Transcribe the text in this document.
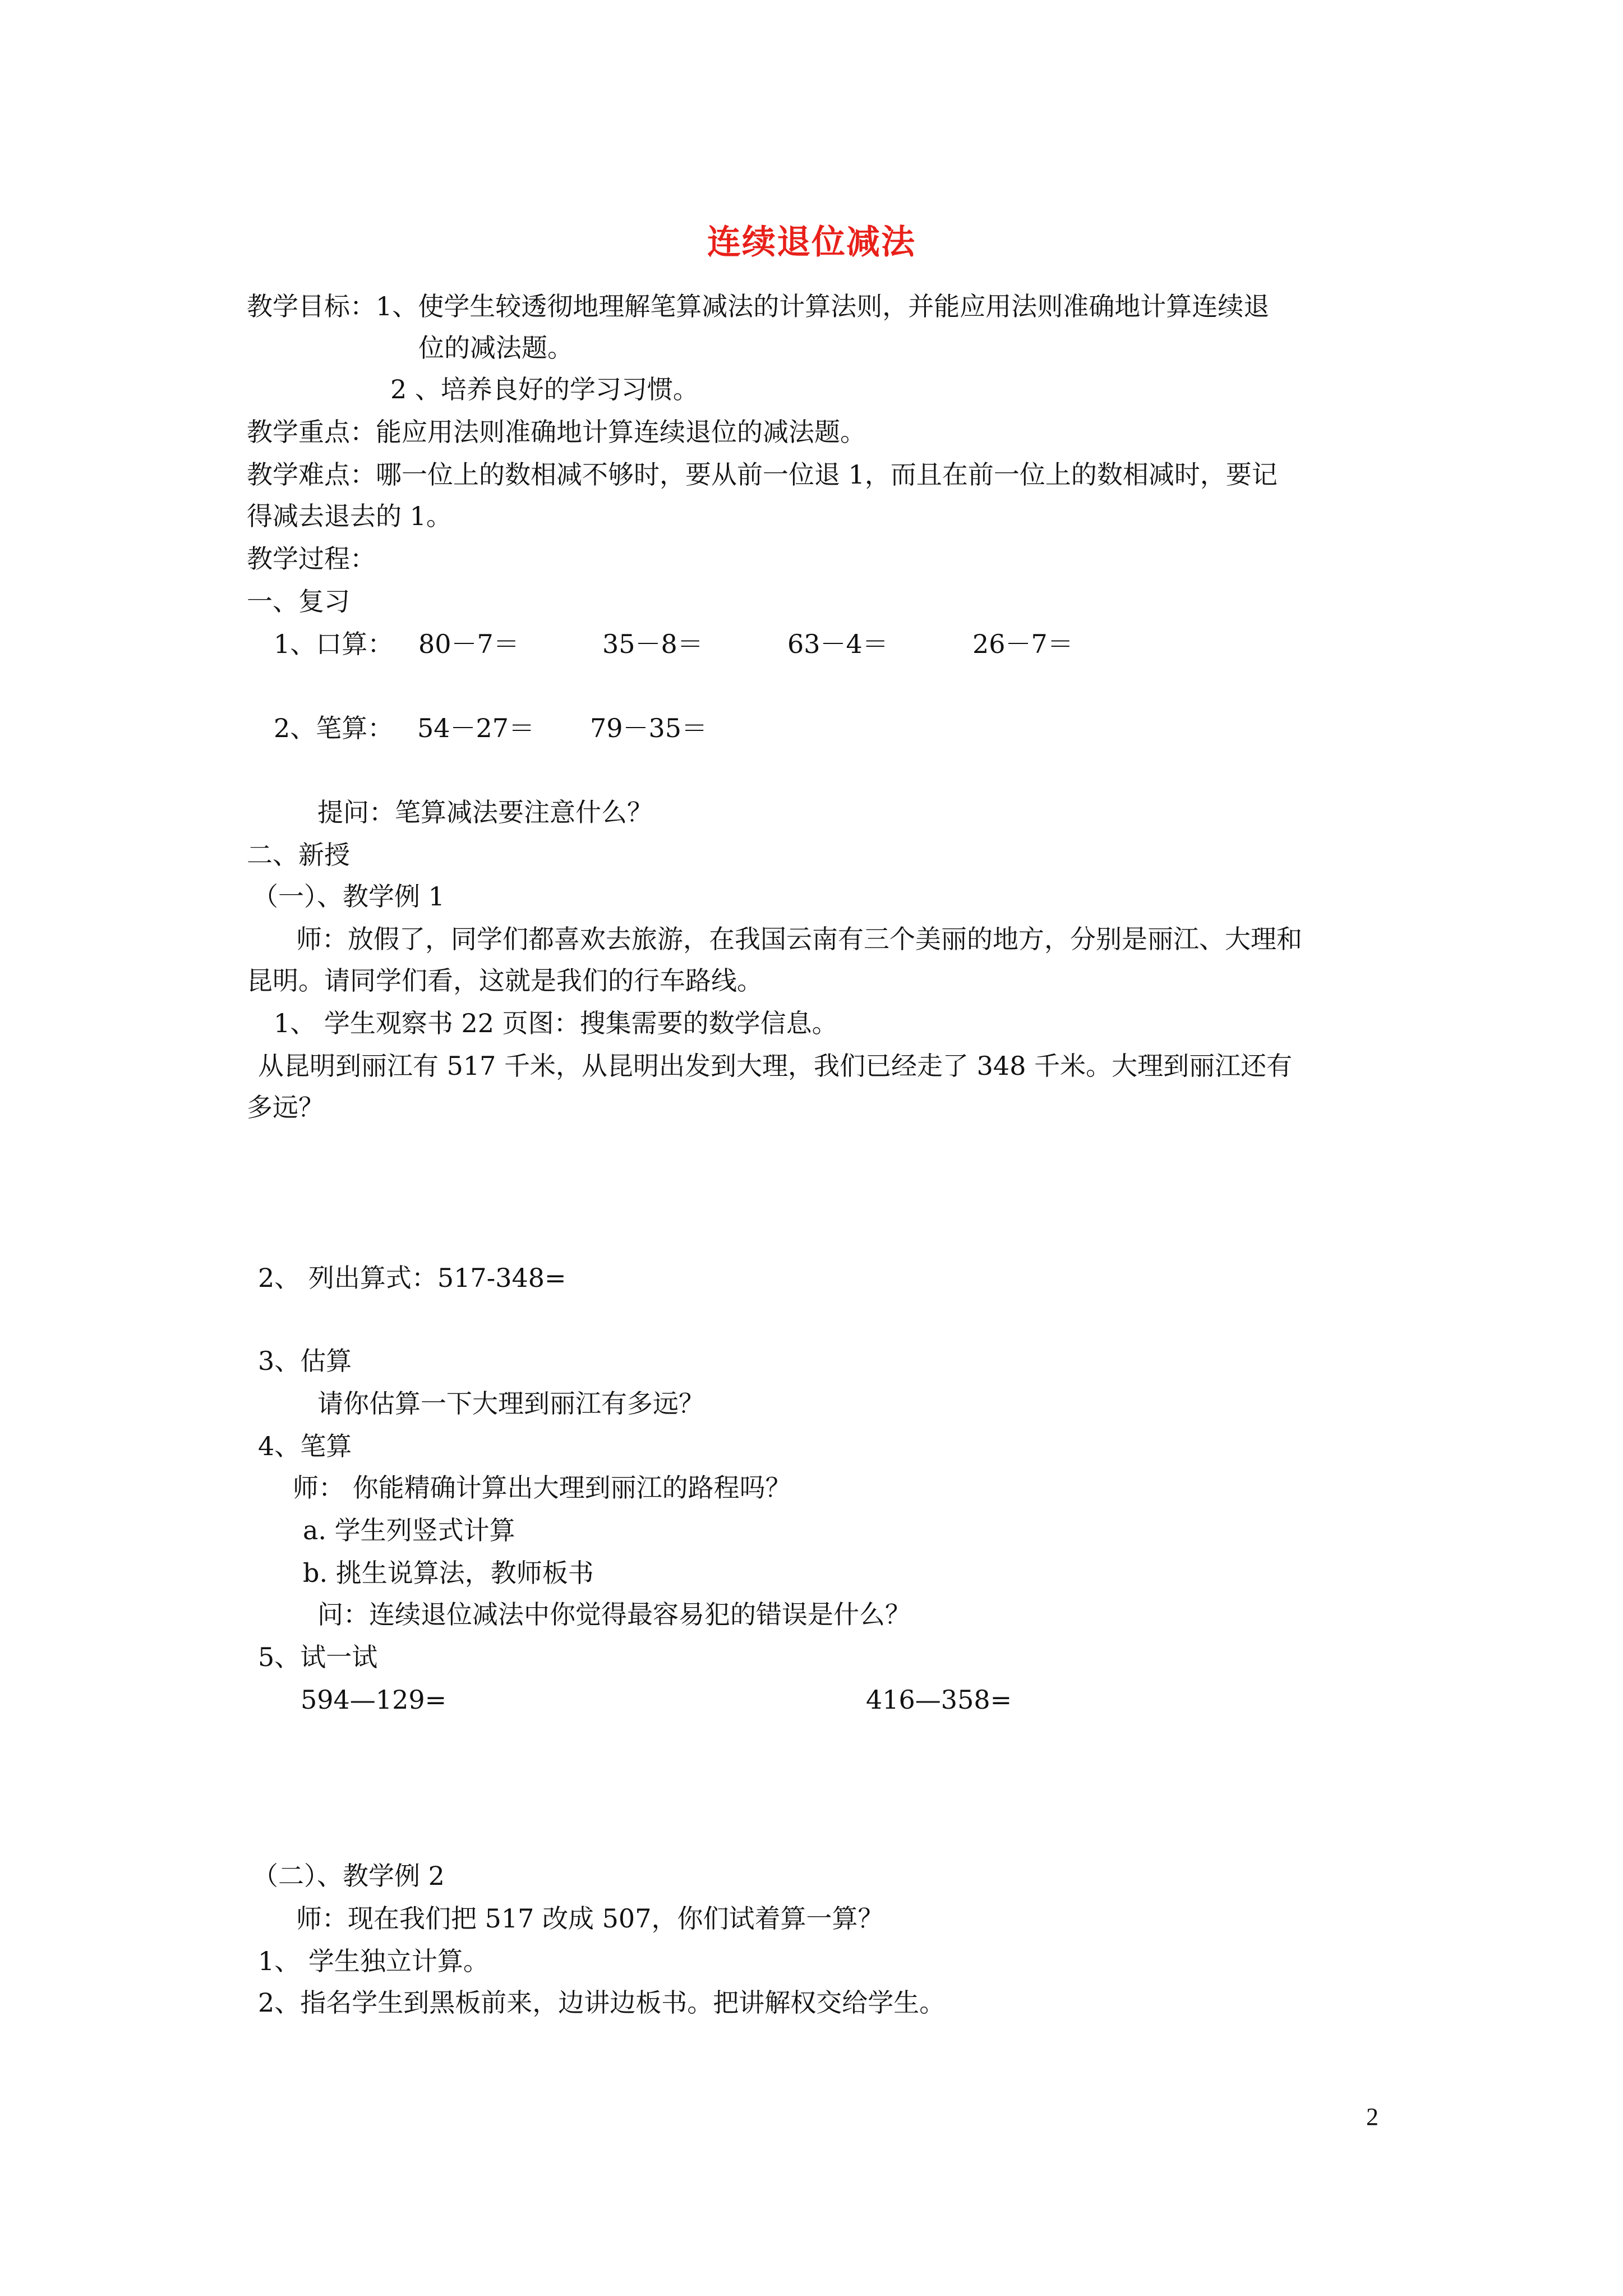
连续退位减法
教学目标：1、使学生较透彻地理解笔算减法的计算法则，并能应用法则准确地计算连续退
位的减法题。
2 、培养良好的学习习惯。
教学重点：能应用法则准确地计算连续退位的减法题。
教学难点：哪一位上的数相减不够时，要从前一位退 1，而且在前一位上的数相减时，要记
得减去退去的 1。
教学过程：
一、复习
1、口算： 80－7＝	35－8＝	63－4＝	26－7＝
2、笔算： 54－27＝ 79－35＝
提问：笔算减法要注意什么？
二、新授
（一）、教学例 1
师：放假了，同学们都喜欢去旅游，在我国云南有三个美丽的地方，分别是丽江、大理和
昆明。请同学们看，这就是我们的行车路线。
1、 学生观察书 22 页图：搜集需要的数学信息。
从昆明到丽江有 517 千米，从昆明出发到大理，我们已经走了 348 千米。大理到丽江还有
多远？
2、 列出算式：517-348=
3、估算
请你估算一下大理到丽江有多远？
4、笔算
师： 你能精确计算出大理到丽江的路程吗？
a. 学生列竖式计算
b. 挑生说算法，教师板书
问：连续退位减法中你觉得最容易犯的错误是什么？
5、试一试
594—129=	416—358=
（二）、教学例 2
师：现在我们把 517 改成 507，你们试着算一算？
1、 学生独立计算。
2、指名学生到黑板前来，边讲边板书。把讲解权交给学生。
2
